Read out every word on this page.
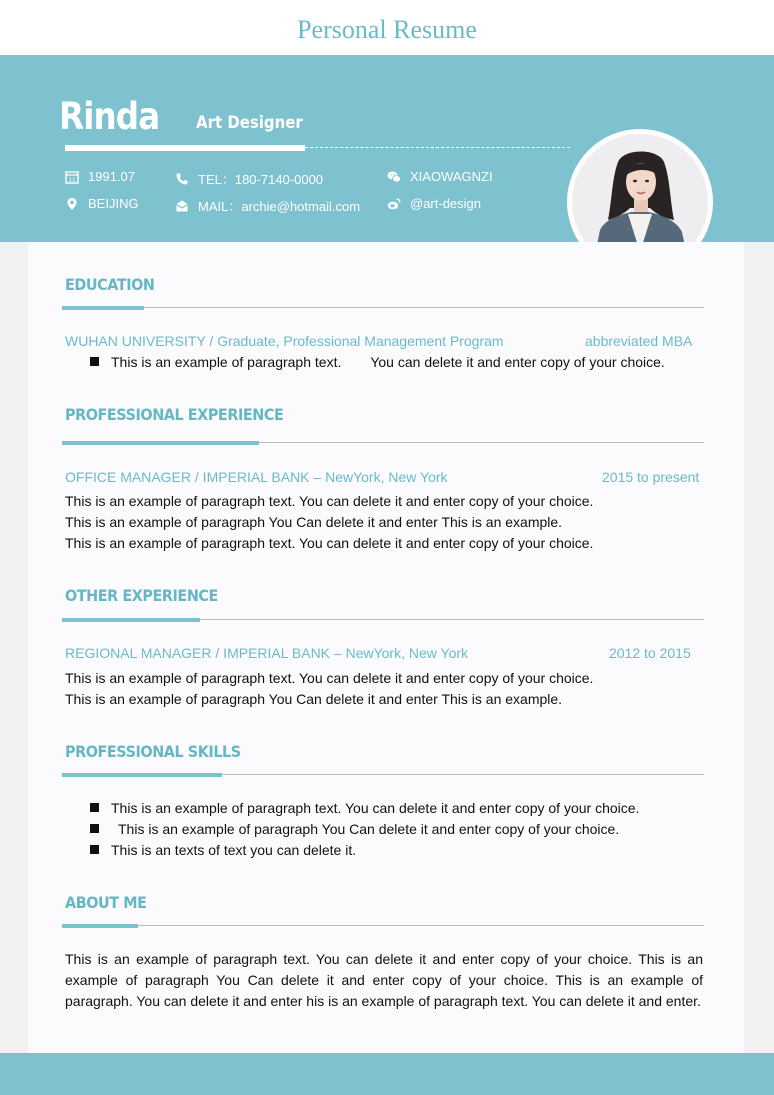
Personal Resume
Rinda Art Designer
11 1991.07
BEIJING
TEL：180-7140-0000
MAIL：archie@hotmail.com
XIAOWAGNZI
@art-design
EDUCATION
WUHAN UNIVERSITY / Graduate, Professional Management Program	abbreviated MBA
This is an example of paragraph text. You can delete it and enter copy of your choice.
PROFESSIONAL EXPERIENCE
OFFICE MANAGER / IMPERIAL BANK – NewYork, New York	2015 to present
This is an example of paragraph text. You can delete it and enter copy of your choice.
This is an example of paragraph You Can delete it and enter This is an example.
This is an example of paragraph text. You can delete it and enter copy of your choice.
OTHER EXPERIENCE
REGIONAL MANAGER / IMPERIAL BANK – NewYork, New York	2012 to 2015
This is an example of paragraph text. You can delete it and enter copy of your choice.
This is an example of paragraph You Can delete it and enter This is an example.
PROFESSIONAL SKILLS
This is an example of paragraph text. You can delete it and enter copy of your choice.
This is an example of paragraph You Can delete it and enter copy of your choice.
This is an texts of text you can delete it.
ABOUT ME
This is an example of paragraph text. You can delete it and enter copy of your choice. This is an example of paragraph You Can delete it and enter copy of your choice. This is an example of paragraph. You can delete it and enter his is an example of paragraph text. You can delete it and enter.
